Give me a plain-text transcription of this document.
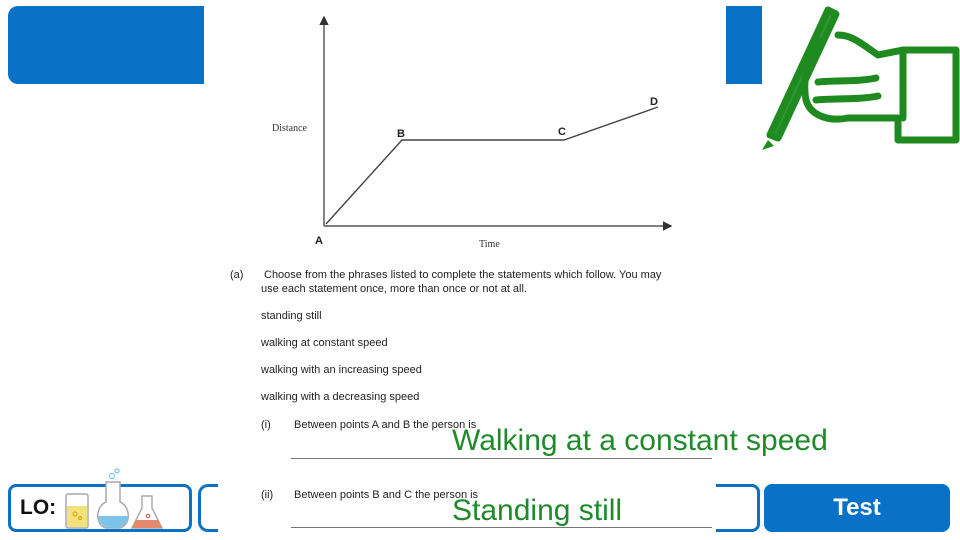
Distance
Time
A
B	C
D
(a) Choose from the phrases listed to complete the statements which follow. You may
use each statement once, more than once or not at all.
standing still
walking at constant speed
walking with an increasing speed
walking with a decreasing speed
(i) Between points A and B the person is
Walking at a constant speed
(ii) Between points B and C the person is
Standing still
LO:	Test
